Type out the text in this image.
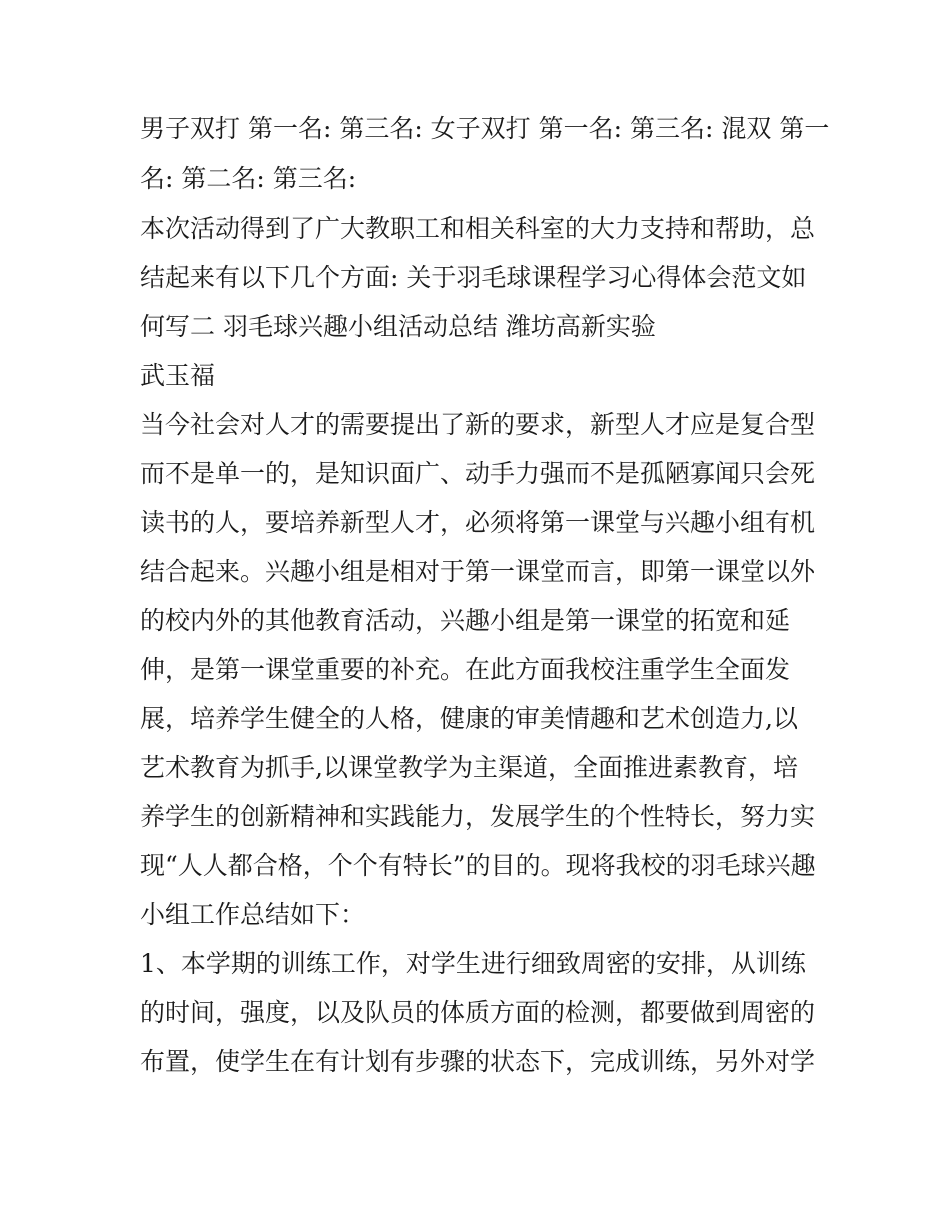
男子双打 第一名: 第三名: 女子双打 第一名: 第三名: 混双 第一
名: 第二名: 第三名:
本次活动得到了广大教职工和相关科室的大力支持和帮助，总
结起来有以下几个方面: 关于羽毛球课程学习心得体会范文如
何写二 羽毛球兴趣小组活动总结 潍坊高新实验
武玉福
当今社会对人才的需要提出了新的要求，新型人才应是复合型
而不是单一的，是知识面广、动手力强而不是孤陋寡闻只会死
读书的人，要培养新型人才，必须将第一课堂与兴趣小组有机
结合起来。兴趣小组是相对于第一课堂而言，即第一课堂以外
的校内外的其他教育活动，兴趣小组是第一课堂的拓宽和延
伸，是第一课堂重要的补充。在此方面我校注重学生全面发
展，培养学生健全的人格，健康的审美情趣和艺术创造力,以
艺术教育为抓手,以课堂教学为主渠道，全面推进素教育，培
养学生的创新精神和实践能力，发展学生的个性特长，努力实
现“人人都合格，个个有特长”的目的。现将我校的羽毛球兴趣
小组工作总结如下：
1、本学期的训练工作，对学生进行细致周密的安排，从训练
的时间，强度，以及队员的体质方面的检测，都要做到周密的
布置，使学生在有计划有步骤的状态下，完成训练，另外对学
